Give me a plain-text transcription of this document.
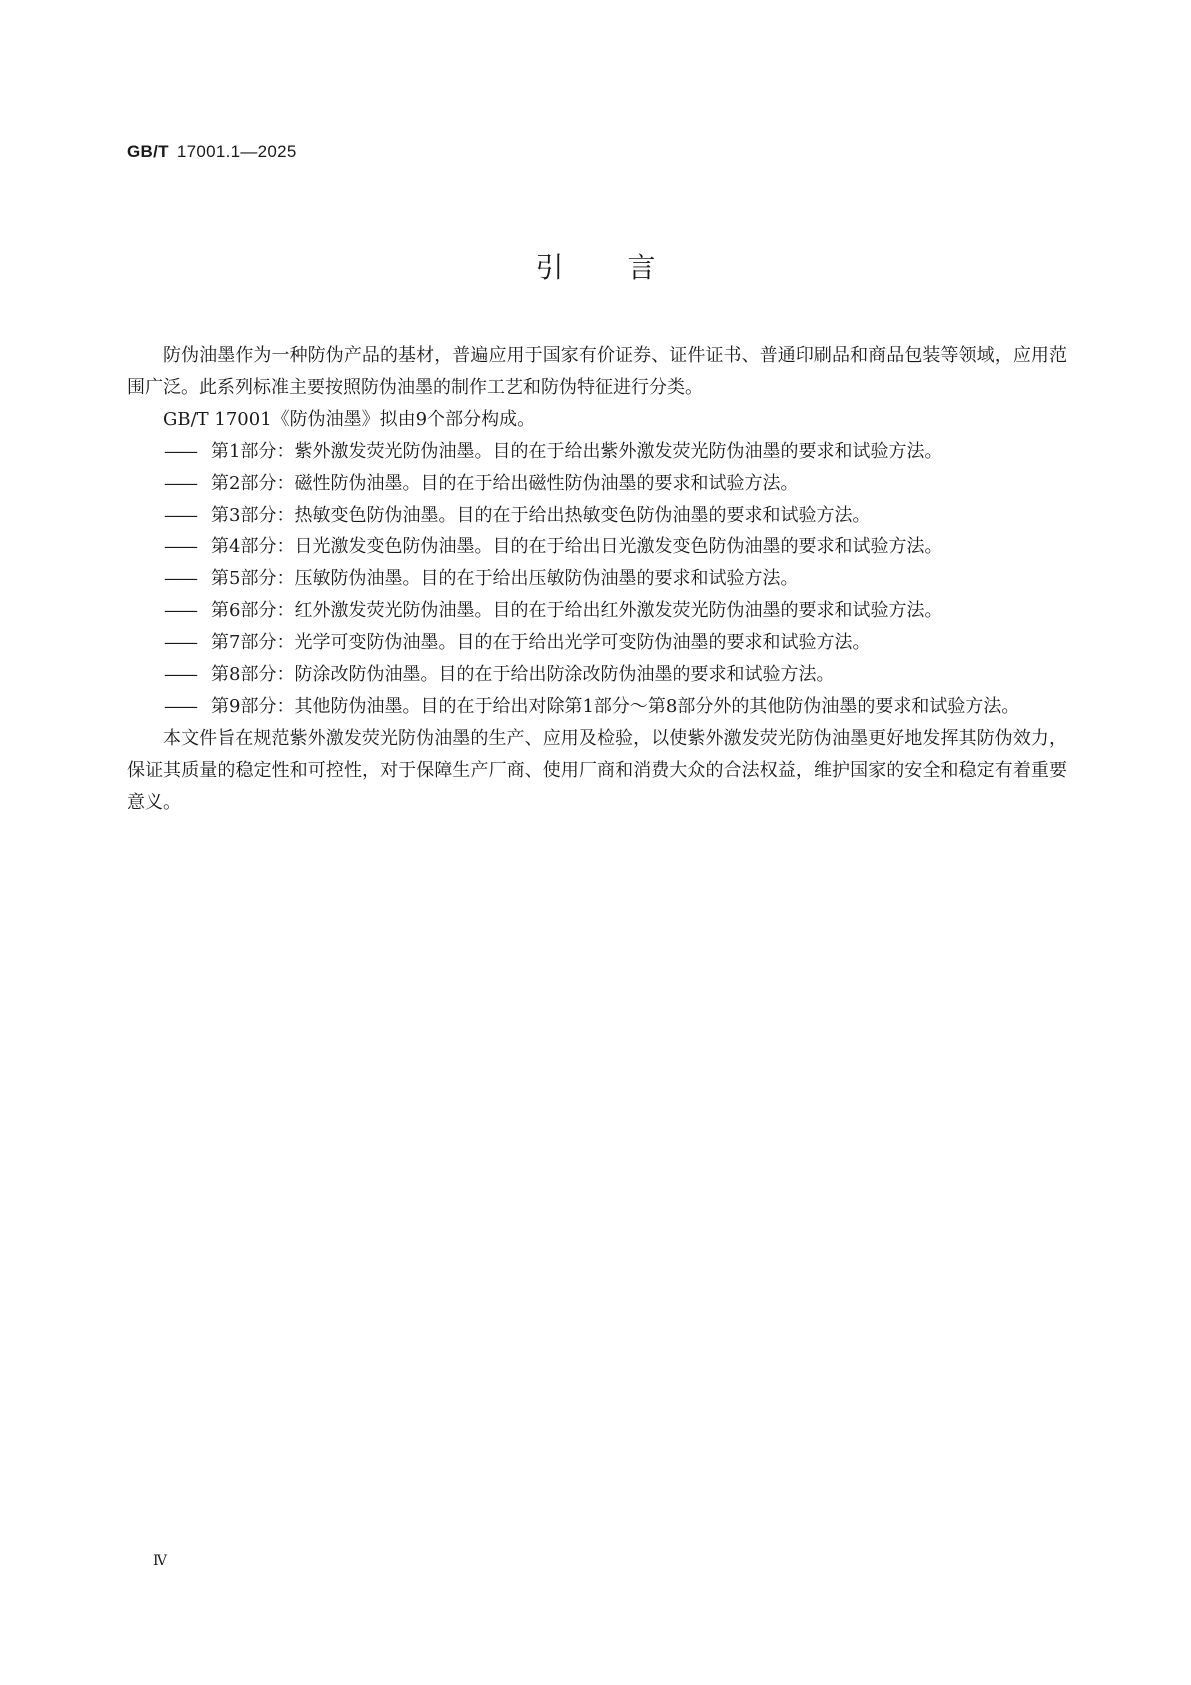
GB/T 17001.1—2025
引言

防伪油墨作为一种防伪产品的基材，普遍应用于国家有价证券、证件证书、普通印刷品和商品包装等领域，应用范围广泛。此系列标准主要按照防伪油墨的制作工艺和防伪特征进行分类。

GB/T 17001《防伪油墨》拟由9个部分构成。

—— 第1部分：紫外激发荧光防伪油墨。目的在于给出紫外激发荧光防伪油墨的要求和试验方法。
—— 第2部分：磁性防伪油墨。目的在于给出磁性防伪油墨的要求和试验方法。
—— 第3部分：热敏变色防伪油墨。目的在于给出热敏变色防伪油墨的要求和试验方法。
—— 第4部分：日光激发变色防伪油墨。目的在于给出日光激发变色防伪油墨的要求和试验方法。
—— 第5部分：压敏防伪油墨。目的在于给出压敏防伪油墨的要求和试验方法。
—— 第6部分：红外激发荧光防伪油墨。目的在于给出红外激发荧光防伪油墨的要求和试验方法。
—— 第7部分：光学可变防伪油墨。目的在于给出光学可变防伪油墨的要求和试验方法。
—— 第8部分：防涂改防伪油墨。目的在于给出防涂改防伪油墨的要求和试验方法。
—— 第9部分：其他防伪油墨。目的在于给出对除第1部分～第8部分外的其他防伪油墨的要求和试验方法。

本文件旨在规范紫外激发荧光防伪油墨的生产、应用及检验，以使紫外激发荧光防伪油墨更好地发挥其防伪效力，保证其质量的稳定性和可控性，对于保障生产厂商、使用厂商和消费大众的合法权益，维护国家的安全和稳定有着重要意义。

Ⅳ
